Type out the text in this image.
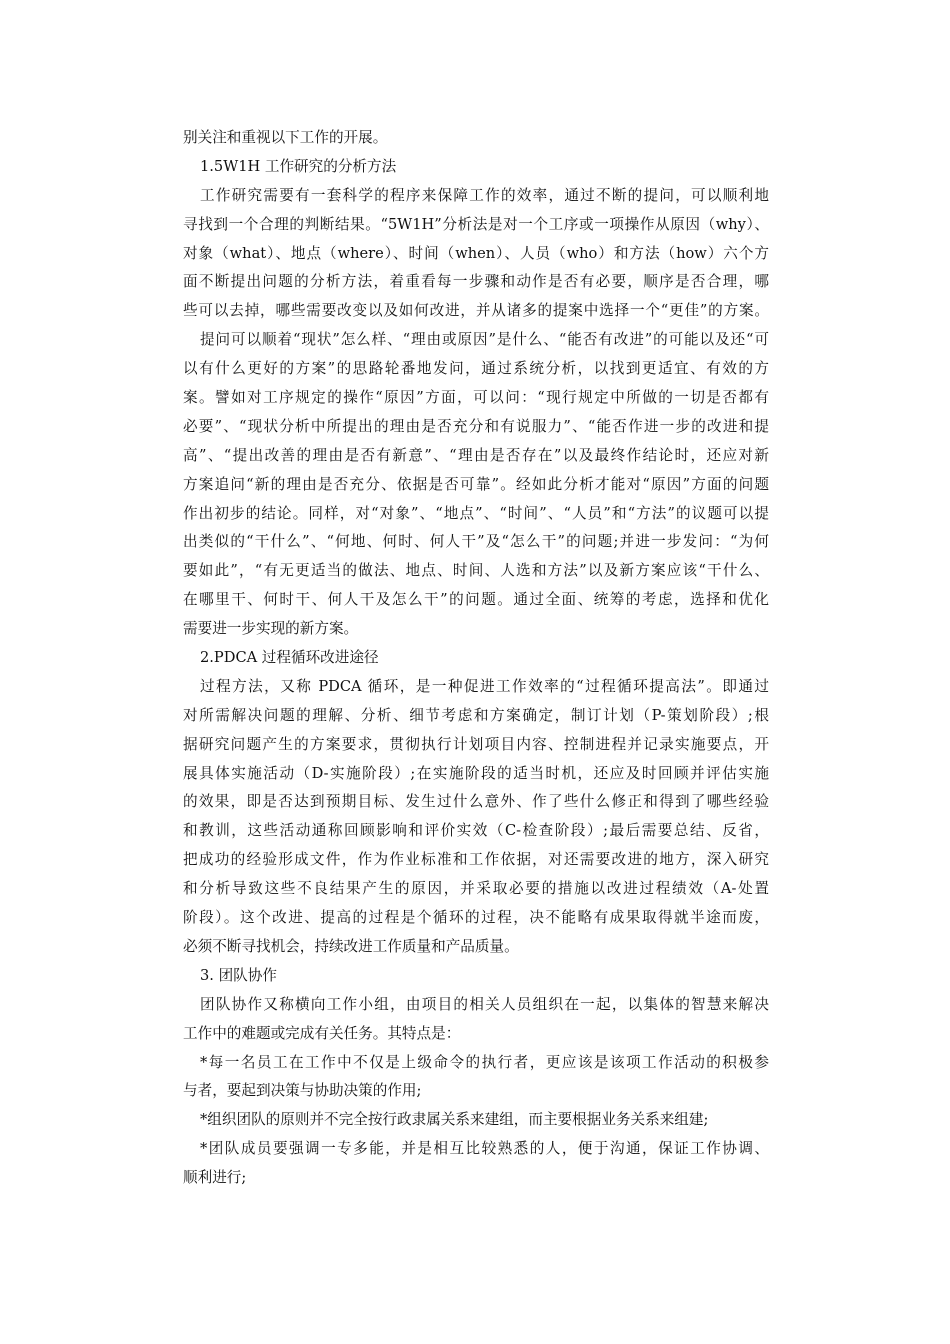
别关注和重视以下工作的开展。
1.5W1H 工作研究的分析方法
工作研究需要有一套科学的程序来保障工作的效率，通过不断的提问，可以顺利地
寻找到一个合理的判断结果。“5W1H”分析法是对一个工序或一项操作从原因（why）、
对象（what）、地点（where）、时间（when）、人员（who）和方法（how）六个方
面不断提出问题的分析方法，着重看每一步骤和动作是否有必要，顺序是否合理，哪
些可以去掉，哪些需要改变以及如何改进，并从诸多的提案中选择一个“更佳”的方案。
提问可以顺着“现状”怎么样、“理由或原因”是什么、“能否有改进”的可能以及还“可
以有什么更好的方案”的思路轮番地发问，通过系统分析，以找到更适宜、有效的方
案。譬如对工序规定的操作“原因”方面，可以问：“现行规定中所做的一切是否都有
必要”、“现状分析中所提出的理由是否充分和有说服力”、“能否作进一步的改进和提
高”、“提出改善的理由是否有新意”、“理由是否存在”以及最终作结论时，还应对新
方案追问“新的理由是否充分、依据是否可靠”。经如此分析才能对“原因”方面的问题
作出初步的结论。同样，对“对象”、“地点”、“时间”、“人员”和“方法”的议题可以提
出类似的“干什么”、“何地、何时、何人干”及“怎么干”的问题;并进一步发问：“为何
要如此”，“有无更适当的做法、地点、时间、人选和方法”以及新方案应该“干什么、
在哪里干、何时干、何人干及怎么干”的问题。通过全面、统筹的考虑，选择和优化
需要进一步实现的新方案。
2.PDCA 过程循环改进途径
过程方法，又称 PDCA 循环，是一种促进工作效率的“过程循环提高法”。即通过
对所需解决问题的理解、分析、细节考虑和方案确定，制订计划（P-策划阶段）;根
据研究问题产生的方案要求，贯彻执行计划项目内容、控制进程并记录实施要点，开
展具体实施活动（D-实施阶段）;在实施阶段的适当时机，还应及时回顾并评估实施
的效果，即是否达到预期目标、发生过什么意外、作了些什么修正和得到了哪些经验
和教训，这些活动通称回顾影响和评价实效（C-检查阶段）;最后需要总结、反省，
把成功的经验形成文件，作为作业标准和工作依据，对还需要改进的地方，深入研究
和分析导致这些不良结果产生的原因，并采取必要的措施以改进过程绩效（A-处置
阶段）。这个改进、提高的过程是个循环的过程，决不能略有成果取得就半途而废，
必须不断寻找机会，持续改进工作质量和产品质量。
3. 团队协作
团队协作又称横向工作小组，由项目的相关人员组织在一起，以集体的智慧来解决
工作中的难题或完成有关任务。其特点是：
*每一名员工在工作中不仅是上级命令的执行者，更应该是该项工作活动的积极参
与者，要起到决策与协助决策的作用;
*组织团队的原则并不完全按行政隶属关系来建组，而主要根据业务关系来组建;
*团队成员要强调一专多能，并是相互比较熟悉的人，便于沟通，保证工作协调、
顺利进行;
